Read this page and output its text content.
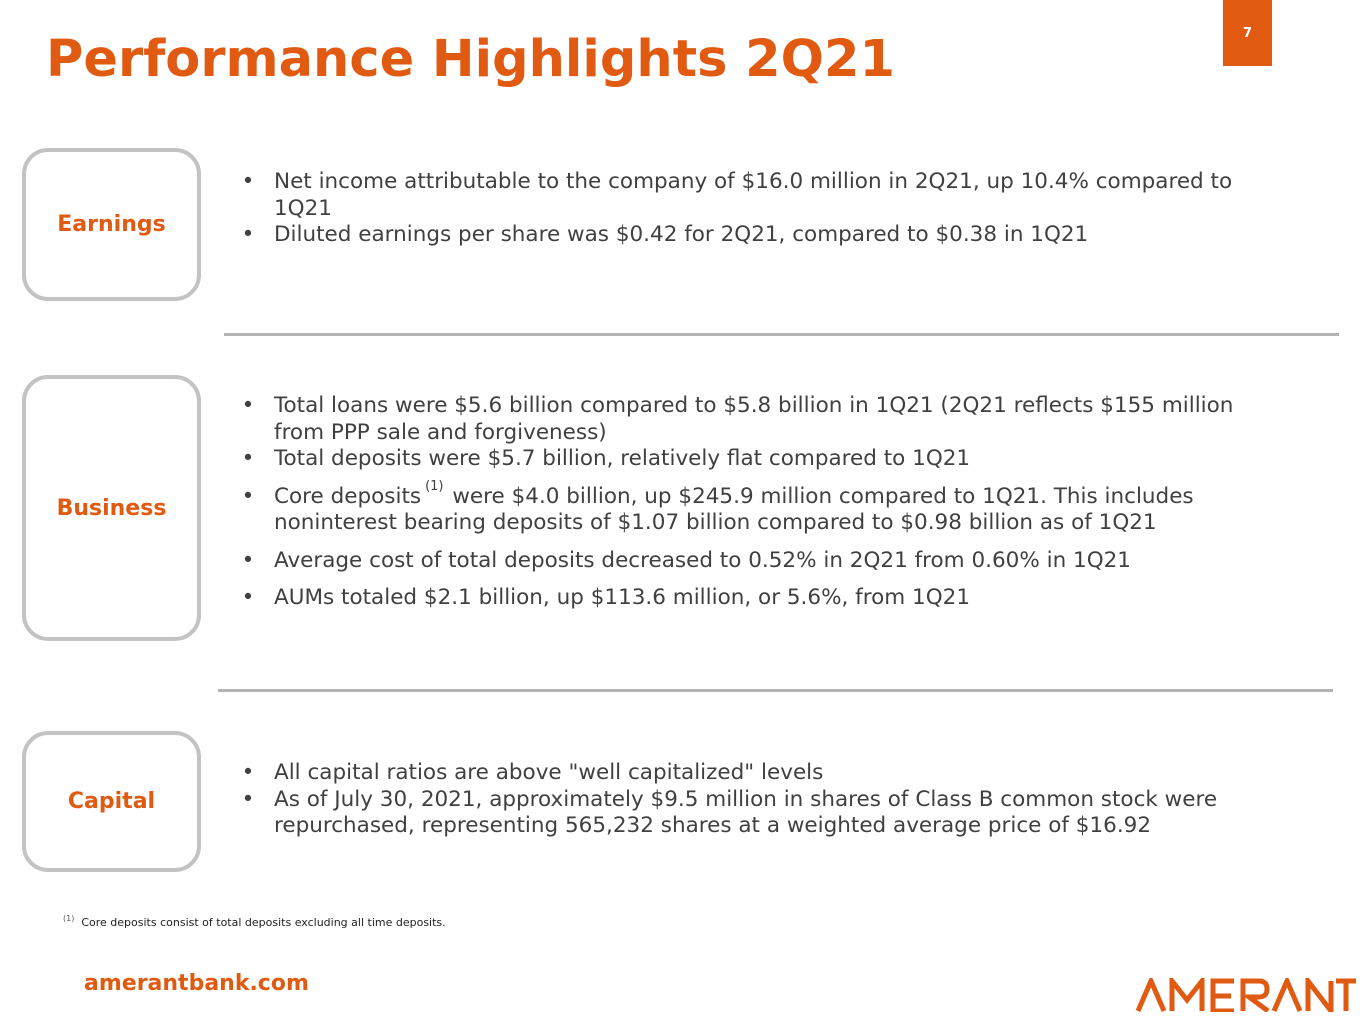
Performance Highlights 2Q21	7
Earnings
• Net income attributable to the company of $16.0 million in 2Q21, up 10.4% compared to 1Q21
• Diluted earnings per share was $0.42 for 2Q21, compared to $0.38 in 1Q21
Business
• Total loans were $5.6 billion compared to $5.8 billion in 1Q21 (2Q21 reflects $155 million from PPP sale and forgiveness)
• Total deposits were $5.7 billion, relatively flat compared to 1Q21
• Core deposits $^{(1)}$ were $4.0 billion, up $245.9 million compared to 1Q21. This includes noninterest bearing deposits of $1.07 billion compared to $0.98 billion as of 1Q21
• Average cost of total deposits decreased to 0.52% in 2Q21 from 0.60% in 1Q21
• AUMs totaled $2.1 billion, up $113.6 million, or 5.6%, from 1Q21
Capital
• All capital ratios are above "well capitalized" levels
• As of July 30, 2021, approximately $9.5 million in shares of Class B common stock were repurchased, representing 565,232 shares at a weighted average price of $16.92
$^{(1)}$ Core deposits consist of total deposits excluding all time deposits.
amerantbank.com
